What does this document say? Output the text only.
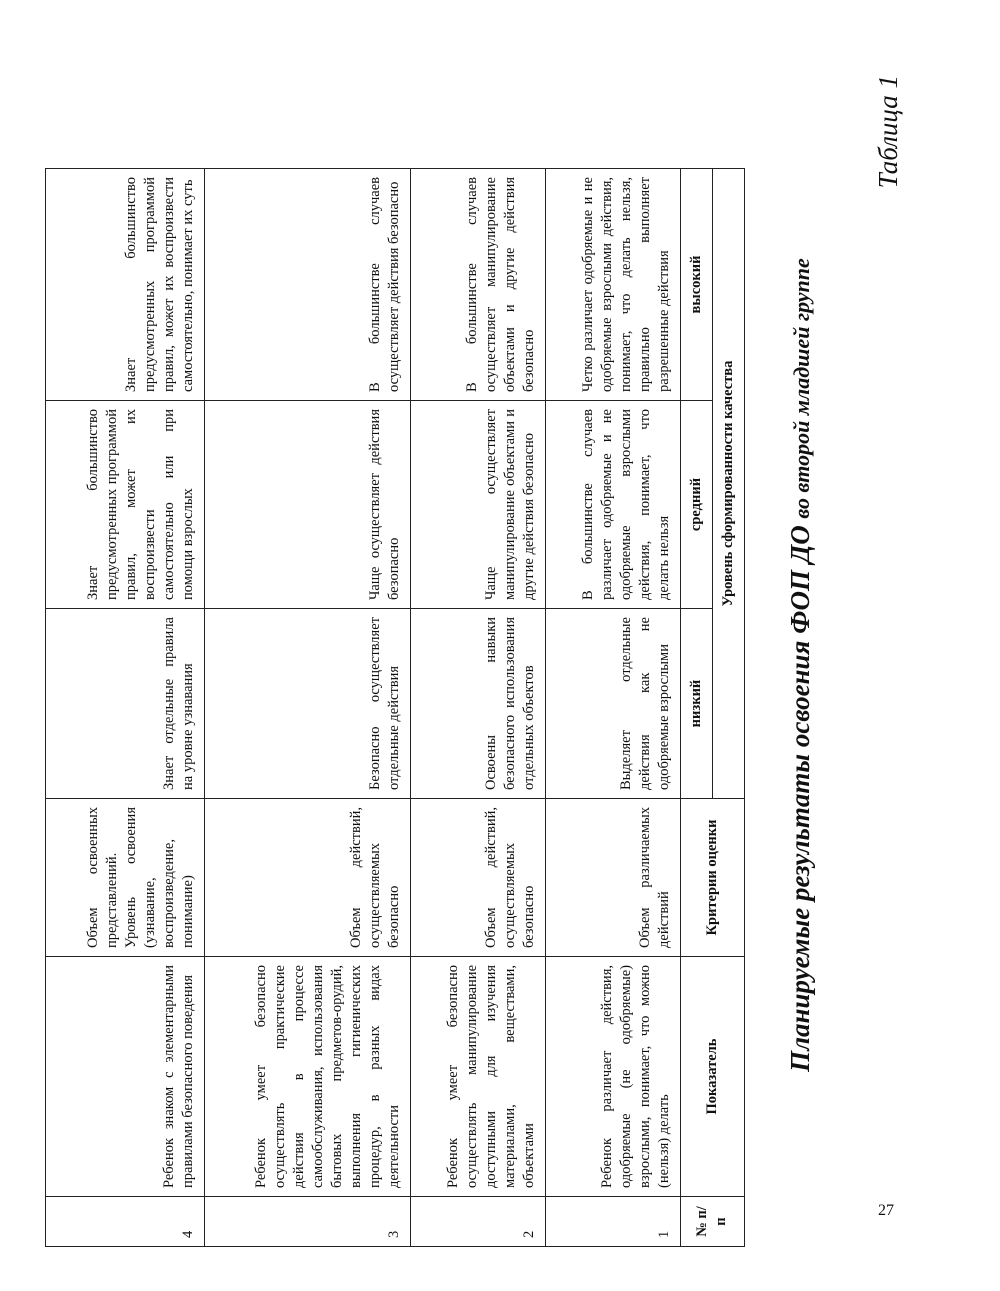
Планируемые результаты освоения ФОП ДО во второй младшей группе
Таблица 1
№ п/п	Показатель	Критерии оценки	Уровень сформированности качества		

			низкий	средний	высокий

1	Ребенок различает действия, одобряемые (не одобряемые) взрослыми, понимает, что можно (нельзя) делать	Объем различаемых действий	Выделяет отдельные действия как не одобряемые взрослыми	В большинстве случаев различает одобряемые и не одобряемые взрослыми действия, понимает, что делать нельзя	Четко различает одобряемые и не одобряемые взрослыми действия, понимает, что делать нельзя, правильно выполняет разрешенные действия

2	Ребенок умеет безопасно осуществлять манипулирование доступными для изучения материалами, веществами, объектами	Объем действий, осуществляемых безопасно	Освоены навыки безопасного использования отдельных объектов	Чаще осуществляет манипулирование объектами и другие действия безопасно	В большинстве случаев осуществляет манипулирование объектами и другие действия безопасно

3	Ребенок умеет безопасно осуществлять практические действия в процессе самообслуживания, использования бытовых предметов-орудий, выполнения гигиенических процедур, в разных видах деятельности	Объем действий, осуществляемых безопасно	Безопасно осуществляет отдельные действия	Чаще осуществляет действия безопасно	В большинстве случаев осуществляет действия безопасно

4	Ребенок знаком с элементарными правилами безопасного поведения	Объем освоенных представлений. Уровень освоения (узнавание, воспроизведение, понимание)	Знает отдельные правила на уровне узнавания	Знает большинство предусмотренных программой правил, может их воспроизвести самостоятельно или при помощи взрослых	Знает большинство предусмотренных программой правил, может их воспроизвести самостоятельно, понимает их суть
27
